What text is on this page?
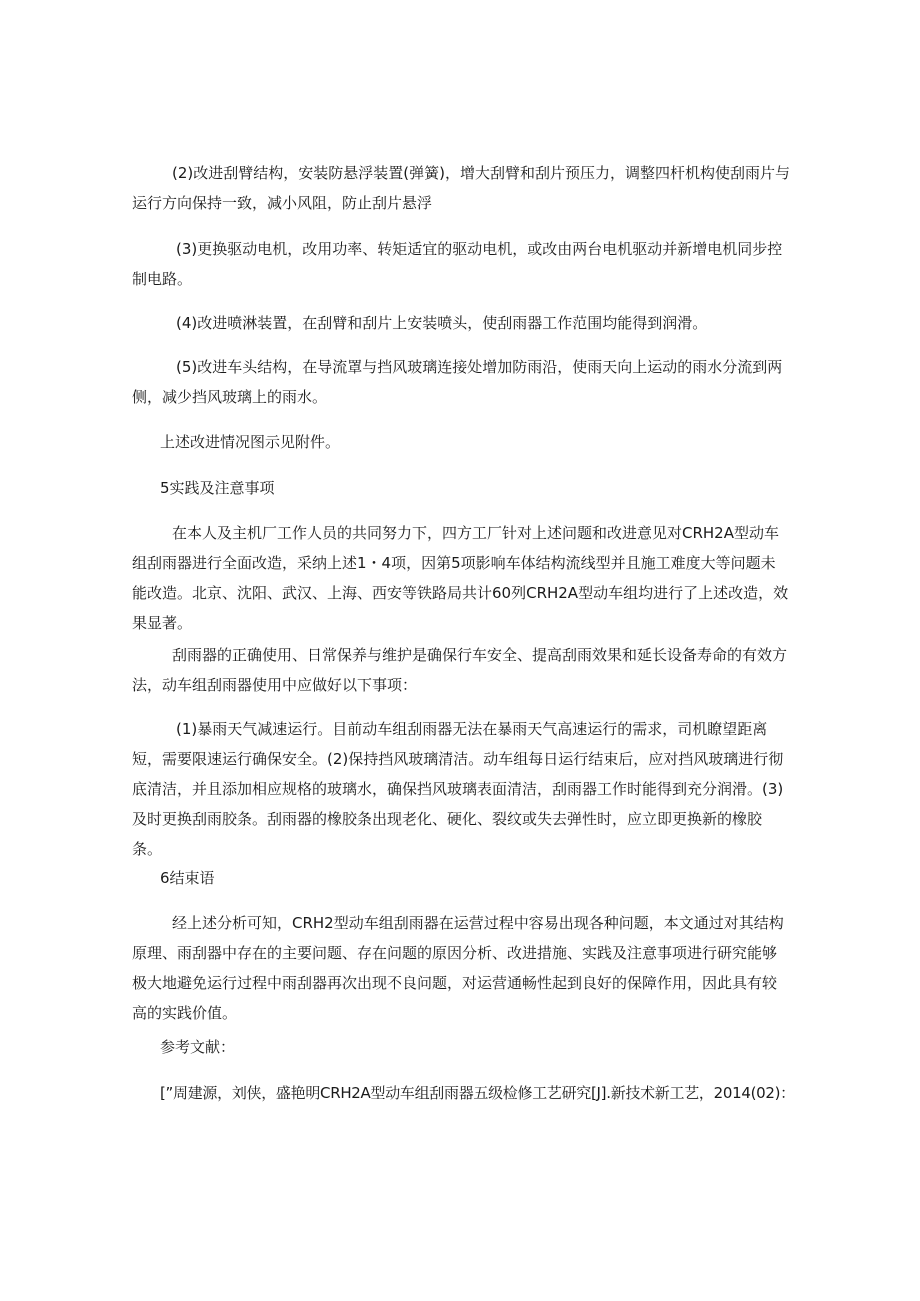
(2)改进刮臂结构，安装防悬浮装置(弹簧)，增大刮臂和刮片预压力，调整四杆机构使刮雨片与运行方向保持一致，减小风阻，防止刮片悬浮
(3)更换驱动电机，改用功率、转矩适宜的驱动电机，或改由两台电机驱动并新增电机同步控制电路。
(4)改进喷淋装置，在刮臂和刮片上安装喷头，使刮雨器工作范围均能得到润滑。
(5)改进车头结构，在导流罩与挡风玻璃连接处增加防雨沿，使雨天向上运动的雨水分流到两侧，减少挡风玻璃上的雨水。
上述改进情况图示见附件。
5实践及注意事项
在本人及主机厂工作人员的共同努力下，四方工厂针对上述问题和改进意见对CRH2A型动车组刮雨器进行全面改造，采纳上述1・4项，因第5项影响车体结构流线型并且施工难度大等问题未能改造。北京、沈阳、武汉、上海、西安等铁路局共计60列CRH2A型动车组均进行了上述改造，效果显著。
刮雨器的正确使用、日常保养与维护是确保行车安全、提高刮雨效果和延长设备寿命的有效方法，动车组刮雨器使用中应做好以下事项：
(1)暴雨天气减速运行。目前动车组刮雨器无法在暴雨天气高速运行的需求，司机瞭望距离短，需要限速运行确保安全。(2)保持挡风玻璃清洁。动车组每日运行结束后，应对挡风玻璃进行彻底清洁，并且添加相应规格的玻璃水，确保挡风玻璃表面清洁，刮雨器工作时能得到充分润滑。(3)及时更换刮雨胶条。刮雨器的橡胶条出现老化、硬化、裂纹或失去弹性时，应立即更换新的橡胶条。
6结束语
经上述分析可知，CRH2型动车组刮雨器在运营过程中容易出现各种问题，本文通过对其结构原理、雨刮器中存在的主要问题、存在问题的原因分析、改进措施、实践及注意事项进行研究能够极大地避免运行过程中雨刮器再次出现不良问题，对运营通畅性起到良好的保障作用，因此具有较高的实践价值。
参考文献：
[”周建源，刘侠，盛艳明CRH2A型动车组刮雨器五级检修工艺研究[J].新技术新工艺，2014(02)：
